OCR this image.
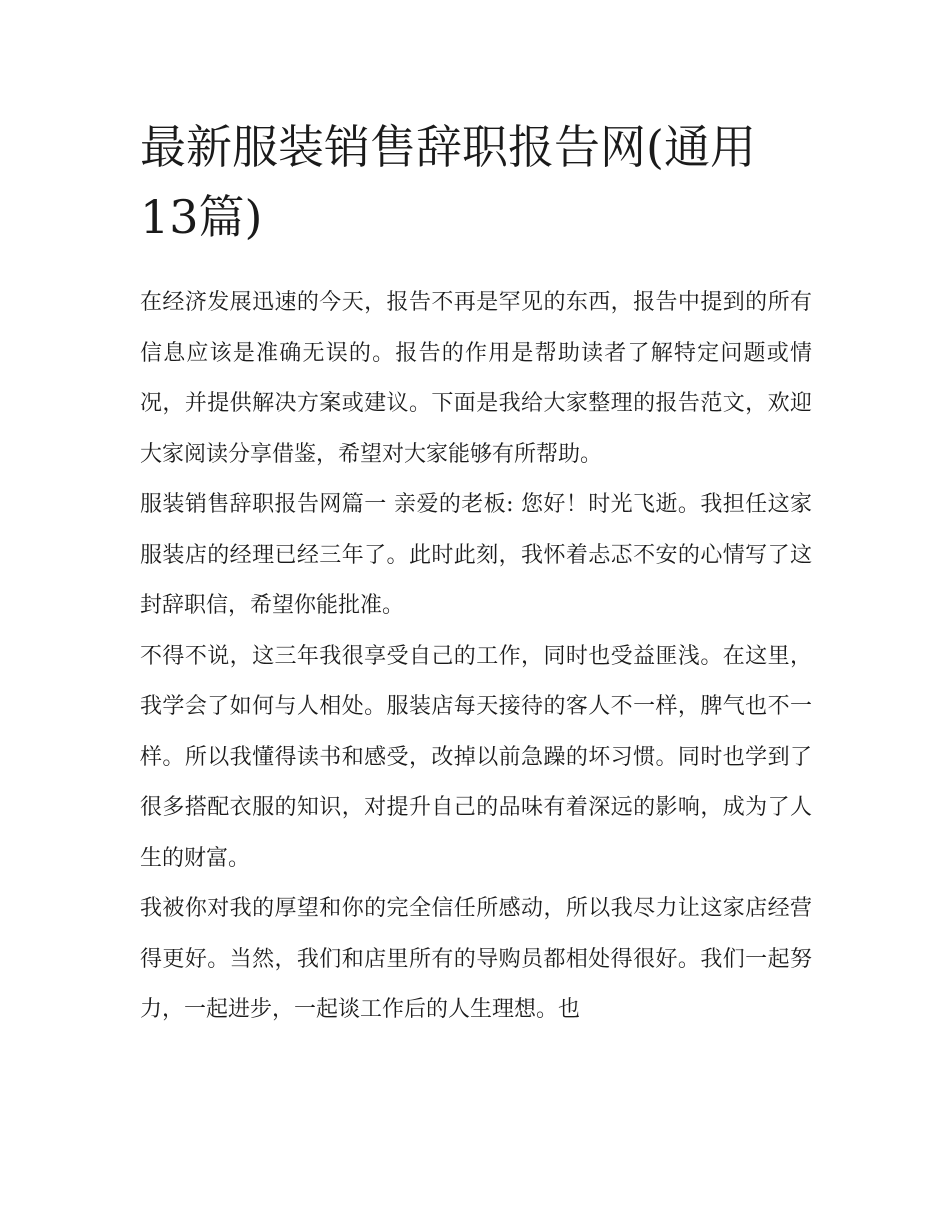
最新服装销售辞职报告网(通用13篇)

在经济发展迅速的今天，报告不再是罕见的东西，报告中提到的所有信息应该是准确无误的。报告的作用是帮助读者了解特定问题或情况，并提供解决方案或建议。下面是我给大家整理的报告范文，欢迎大家阅读分享借鉴，希望对大家能够有所帮助。

服装销售辞职报告网篇一 亲爱的老板: 您好！时光飞逝。我担任这家服装店的经理已经三年了。此时此刻，我怀着忐忑不安的心情写了这封辞职信，希望你能批准。

不得不说，这三年我很享受自己的工作，同时也受益匪浅。在这里，我学会了如何与人相处。服装店每天接待的客人不一样，脾气也不一样。所以我懂得读书和感受，改掉以前急躁的坏习惯。同时也学到了很多搭配衣服的知识，对提升自己的品味有着深远的影响，成为了人生的财富。

我被你对我的厚望和你的完全信任所感动，所以我尽力让这家店经营得更好。当然，我们和店里所有的导购员都相处得很好。我们一起努力，一起进步，一起谈工作后的人生理想。也
